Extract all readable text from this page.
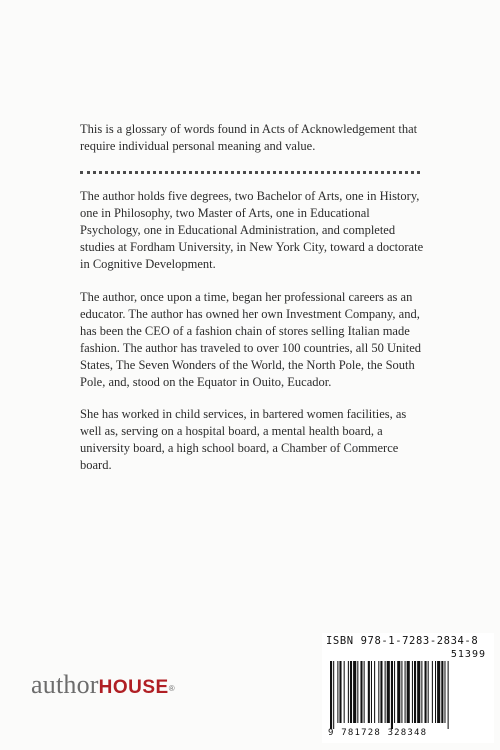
This is a glossary of words found in Acts of Acknowledgement that require individual personal meaning and value.

The author holds five degrees, two Bachelor of Arts, one in History, one in Philosophy, two Master of Arts, one in Educational Psychology, one in Educational Administration, and completed studies at Fordham University, in New York City, toward a doctorate in Cognitive Development.

The author, once upon a time, began her professional careers as an educator. The author has owned her own Investment Company, and, has been the CEO of a fashion chain of stores selling Italian made fashion. The author has traveled to over 100 countries, all 50 United States, The Seven Wonders of the World, the North Pole, the South Pole, and, stood on the Equator in Ouito, Eucador.

She has worked in child services, in bartered women facilities, as well as, serving on a hospital board, a mental health board, a university board, a high school board, a Chamber of Commerce board.

authorHOUSE®
ISBN 978-1-7283-2834-8
51399
9 781728 328348
